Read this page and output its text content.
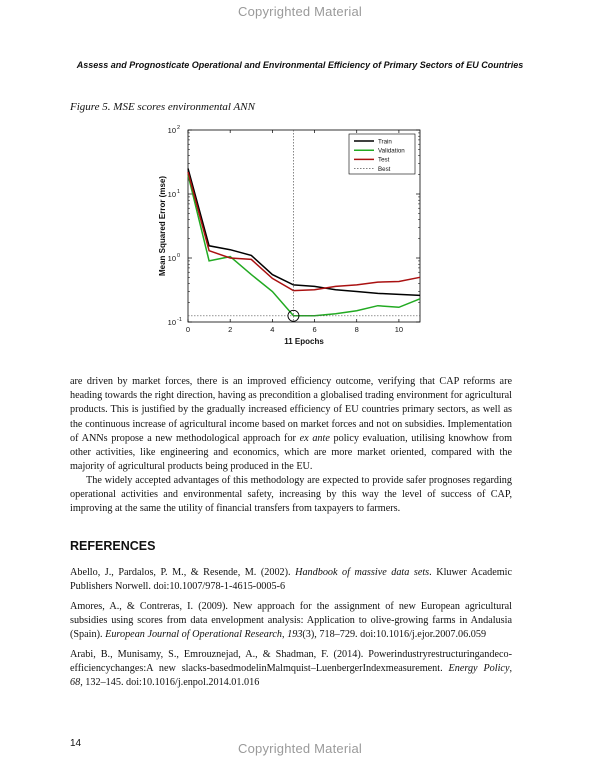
Copyrighted Material
Assess and Prognosticate Operational and Environmental Efficiency of Primary Sectors of EU Countries
Figure 5. MSE scores environmental ANN
0	2	4	6	8	10
10 2
10 1
10 0
10 -1
11 Epochs
Mean Squared Error (mse)
Train
Validation
Test
Best
are driven by market forces, there is an improved efficiency outcome, verifying that CAP reforms are heading towards the right direction, having as precondition a globalised trading environment for agricultural products. This is justified by the gradually increased efficiency of EU countries primary sectors, as well as the continuous increase of agricultural income based on market forces and not on subsidies. Implementation of ANNs propose a new methodological approach for ex ante policy evaluation, utilising knowhow from other activities, like engineering and economics, which are more market oriented, compared with the majority of agricultural products being produced in the EU.
The widely accepted advantages of this methodology are expected to provide safer prognoses regarding operational activities and environmental safety, increasing by this way the level of success of CAP, improving at the same the utility of financial transfers from taxpayers to farmers.
REFERENCES
Abello, J., Pardalos, P. M., & Resende, M. (2002). Handbook of massive data sets. Kluwer Academic Publishers Norwell. doi:10.1007/978-1-4615-0005-6
Amores, A., & Contreras, I. (2009). New approach for the assignment of new European agricultural subsidies using scores from data envelopment analysis: Application to olive-growing farms in Andalusia (Spain). European Journal of Operational Research, 193(3), 718–729. doi:10.1016/j.ejor.2007.06.059
Arabi, B., Munisamy, S., Emrouznejad, A., & Shadman, F. (2014). Powerindustryrestructuringandeco-efficiencychanges:A new slacks-basedmodelinMalmquist–LuenbergerIndexmeasurement. Energy Policy, 68, 132–145. doi:10.1016/j.enpol.2014.01.016
14	Copyrighted Material
